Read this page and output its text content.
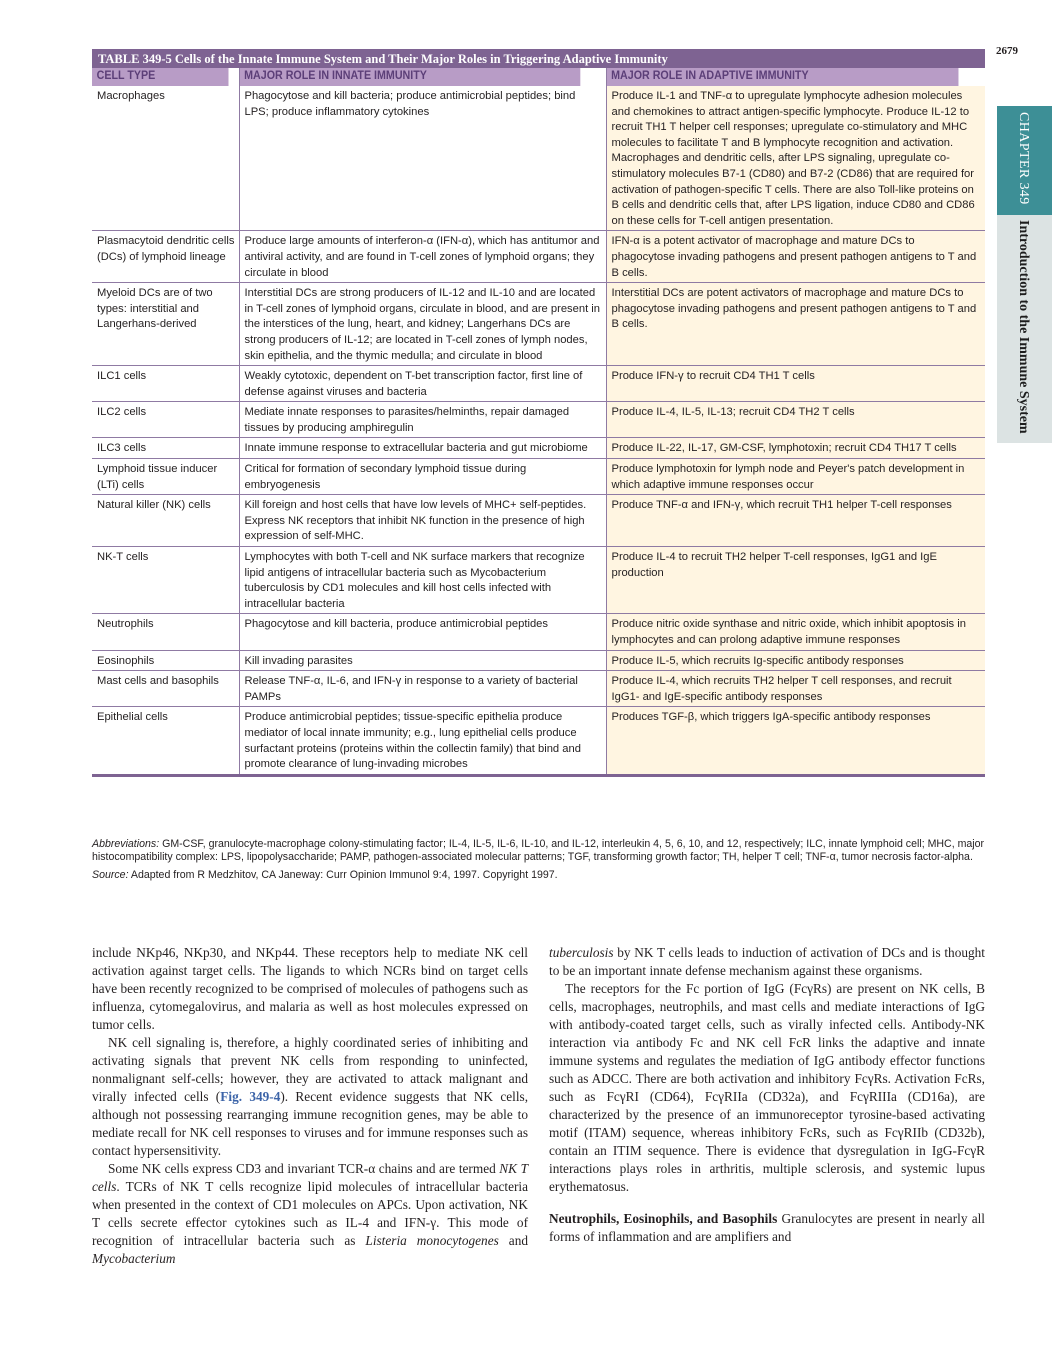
2679
CHAPTER 349 Introduction to the Immune System
TABLE 349-5 Cells of the Innate Immune System and Their Major Roles in Triggering Adaptive Immunity
CELL TYPE	MAJOR ROLE IN INNATE IMMUNITY	MAJOR ROLE IN ADAPTIVE IMMUNITY
Macrophages	Phagocytose and kill bacteria; produce antimicrobial peptides; bind LPS; produce inflammatory cytokines	Produce IL-1 and TNF-α to upregulate lymphocyte adhesion molecules and chemokines to attract antigen-specific lymphocyte. Produce IL-12 to recruit TH1 T helper cell responses; upregulate co-stimulatory and MHC molecules to facilitate T and B lymphocyte recognition and activation. Macrophages and dendritic cells, after LPS signaling, upregulate co-stimulatory molecules B7-1 (CD80) and B7-2 (CD86) that are required for activation of pathogen-specific T cells. There are also Toll-like proteins on B cells and dendritic cells that, after LPS ligation, induce CD80 and CD86 on these cells for T-cell antigen presentation.
Plasmacytoid dendritic cells (DCs) of lymphoid lineage	Produce large amounts of interferon-α (IFN-α), which has antitumor and antiviral activity, and are found in T-cell zones of lymphoid organs; they circulate in blood	IFN-α is a potent activator of macrophage and mature DCs to phagocytose invading pathogens and present pathogen antigens to T and B cells.
Myeloid DCs are of two types: interstitial and Langerhans-derived	Interstitial DCs are strong producers of IL-12 and IL-10 and are located in T-cell zones of lymphoid organs, circulate in blood, and are present in the interstices of the lung, heart, and kidney; Langerhans DCs are strong producers of IL-12; are located in T-cell zones of lymph nodes, skin epithelia, and the thymic medulla; and circulate in blood	Interstitial DCs are potent activators of macrophage and mature DCs to phagocytose invading pathogens and present pathogen antigens to T and B cells.
ILC1 cells	Weakly cytotoxic, dependent on T-bet transcription factor, first line of defense against viruses and bacteria	Produce IFN-γ to recruit CD4 TH1 T cells
ILC2 cells	Mediate innate responses to parasites/helminths, repair damaged tissues by producing amphiregulin	Produce IL-4, IL-5, IL-13; recruit CD4 TH2 T cells
ILC3 cells	Innate immune response to extracellular bacteria and gut microbiome	Produce IL-22, IL-17, GM-CSF, lymphotoxin; recruit CD4 TH17 T cells
Lymphoid tissue inducer (LTi) cells	Critical for formation of secondary lymphoid tissue during embryogenesis	Produce lymphotoxin for lymph node and Peyer's patch development in which adaptive immune responses occur
Natural killer (NK) cells	Kill foreign and host cells that have low levels of MHC+ self-peptides. Express NK receptors that inhibit NK function in the presence of high expression of self-MHC.	Produce TNF-α and IFN-γ, which recruit TH1 helper T-cell responses
NK-T cells	Lymphocytes with both T-cell and NK surface markers that recognize lipid antigens of intracellular bacteria such as Mycobacterium tuberculosis by CD1 molecules and kill host cells infected with intracellular bacteria	Produce IL-4 to recruit TH2 helper T-cell responses, IgG1 and IgE production
Neutrophils	Phagocytose and kill bacteria, produce antimicrobial peptides	Produce nitric oxide synthase and nitric oxide, which inhibit apoptosis in lymphocytes and can prolong adaptive immune responses
Eosinophils	Kill invading parasites	Produce IL-5, which recruits Ig-specific antibody responses
Mast cells and basophils	Release TNF-α, IL-6, and IFN-γ in response to a variety of bacterial PAMPs	Produce IL-4, which recruits TH2 helper T cell responses, and recruit IgG1- and IgE-specific antibody responses
Epithelial cells	Produce antimicrobial peptides; tissue-specific epithelia produce mediator of local innate immunity; e.g., lung epithelial cells produce surfactant proteins (proteins within the collectin family) that bind and promote clearance of lung-invading microbes	Produces TGF-β, which triggers IgA-specific antibody responses

Abbreviations: GM-CSF, granulocyte-macrophage colony-stimulating factor; IL-4, IL-5, IL-6, IL-10, and IL-12, interleukin 4, 5, 6, 10, and 12, respectively; ILC, innate lymphoid cell; MHC, major histocompatibility complex: LPS, lipopolysaccharide; PAMP, pathogen-associated molecular patterns; TGF, transforming growth factor; TH, helper T cell; TNF-α, tumor necrosis factor-alpha.

Source: Adapted from R Medzhitov, CA Janeway: Curr Opinion Immunol 9:4, 1997. Copyright 1997.

include NKp46, NKp30, and NKp44. These receptors help to mediate NK cell activation against target cells. The ligands to which NCRs bind on target cells have been recently recognized to be comprised of molecules of pathogens such as influenza, cytomegalovirus, and malaria as well as host molecules expressed on tumor cells.

NK cell signaling is, therefore, a highly coordinated series of inhibiting and activating signals that prevent NK cells from responding to uninfected, nonmalignant self-cells; however, they are activated to attack malignant and virally infected cells (Fig. 349-4). Recent evidence suggests that NK cells, although not possessing rearranging immune recognition genes, may be able to mediate recall for NK cell responses to viruses and for immune responses such as contact hypersensitivity.

Some NK cells express CD3 and invariant TCR-α chains and are termed NK T cells. TCRs of NK T cells recognize lipid molecules of intracellular bacteria when presented in the context of CD1 molecules on APCs. Upon activation, NK T cells secrete effector cytokines such as IL-4 and IFN-γ. This mode of recognition of intracellular bacteria such as Listeria monocytogenes and Mycobacterium

tuberculosis by NK T cells leads to induction of activation of DCs and is thought to be an important innate defense mechanism against these organisms.

The receptors for the Fc portion of IgG (FcγRs) are present on NK cells, B cells, macrophages, neutrophils, and mast cells and mediate interactions of IgG with antibody-coated target cells, such as virally infected cells. Antibody-NK interaction via antibody Fc and NK cell FcR links the adaptive and innate immune systems and regulates the mediation of IgG antibody effector functions such as ADCC. There are both activation and inhibitory FcγRs. Activation FcRs, such as FcγRI (CD64), FcγRIIa (CD32a), and FcγRIIIa (CD16a), are characterized by the presence of an immunoreceptor tyrosine-based activating motif (ITAM) sequence, whereas inhibitory FcRs, such as FcγRIIb (CD32b), contain an ITIM sequence. There is evidence that dysregulation in IgG-FcγR interactions plays roles in arthritis, multiple sclerosis, and systemic lupus erythematosus.

Neutrophils, Eosinophils, and Basophils Granulocytes are present in nearly all forms of inflammation and are amplifiers and
